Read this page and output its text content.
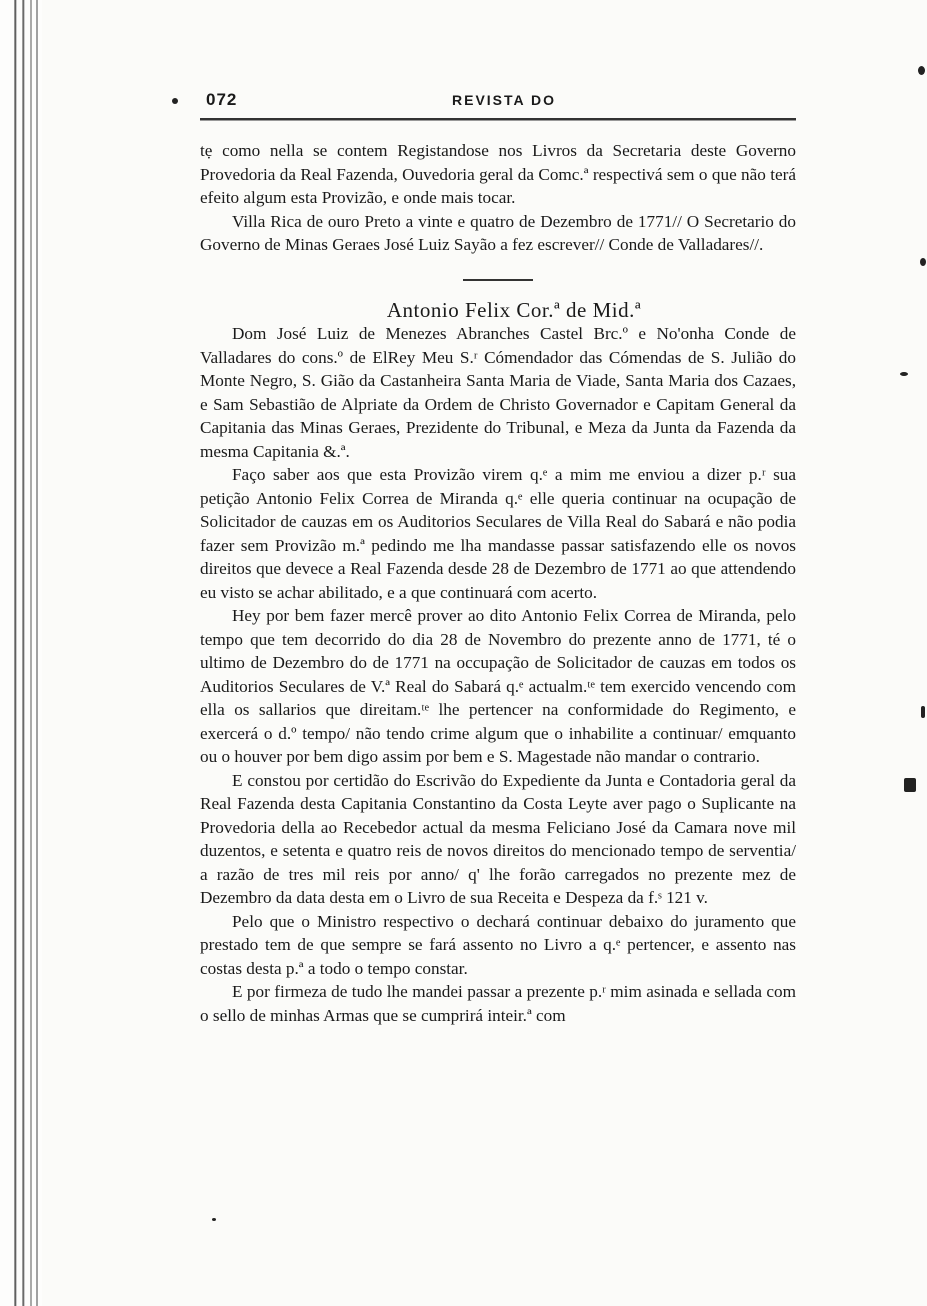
072	REVISTA DO

tẹ como nella se contem Registandose nos Livros da Secretaria deste Governo Provedoria da Real Fazenda, Ouvedoria geral da Comc.ª respectivá sem o que não terá efeito algum esta Provizão, e onde mais tocar.

Villa Rica de ouro Preto a vinte e quatro de Dezembro de 1771// O Secretario do Governo de Minas Geraes José Luiz Sayão a fez escrever// Conde de Valladares//.

Antonio Felix Cor.ª de Mid.ª

Dom José Luiz de Menezes Abranches Castel Brc.º e No'onha Conde de Valladares do cons.º de ElRey Meu S.ʳ Cómendador das Cómendas de S. Julião do Monte Negro, S. Gião da Castanheira Santa Maria de Viade, Santa Maria dos Cazaes, e Sam Sebastião de Alpriate da Ordem de Christo Governador e Capitam General da Capitania das Minas Geraes, Prezidente do Tribunal, e Meza da Junta da Fazenda da mesma Capitania &.ª.

Faço saber aos que esta Provizão virem q.ᵉ a mim me enviou a dizer p.ʳ sua petição Antonio Felix Correa de Miranda q.ᵉ elle queria continuar na ocupação de Solicitador de cauzas em os Auditorios Seculares de Villa Real do Sabará e não podia fazer sem Provizão m.ª pedindo me lha mandasse passar satisfazendo elle os novos direitos que devece a Real Fazenda desde 28 de Dezembro de 1771 ao que attendendo eu visto se achar abilitado, e a que continuará com acerto.

Hey por bem fazer mercê prover ao dito Antonio Felix Correa de Miranda, pelo tempo que tem decorrido do dia 28 de Novembro do prezente anno de 1771, té o ultimo de Dezembro do de 1771 na occupação de Solicitador de cauzas em todos os Auditorios Seculares de V.ª Real do Sabará q.ᵉ actualm.ᵗᵉ tem exercido vencendo com ella os sallarios que direitam.ᵗᵉ lhe pertencer na conformidade do Regimento, e exercerá o d.º tempo/ não tendo crime algum que o inhabilite a continuar/ emquanto ou o houver por bem digo assim por bem e S. Magestade não mandar o contrario.

E constou por certidão do Escrivão do Expediente da Junta e Contadoria geral da Real Fazenda desta Capitania Constantino da Costa Leyte aver pago o Suplicante na Provedoria della ao Recebedor actual da mesma Feliciano José da Camara nove mil duzentos, e setenta e quatro reis de novos direitos do mencionado tempo de serventia/ a razão de tres mil reis por anno/ q' lhe forão carregados no prezente mez de Dezembro da data desta em o Livro de sua Receita e Despeza da f.ˢ 121 v.

Pelo que o Ministro respectivo o dechará continuar debaixo do juramento que prestado tem de que sempre se fará assento no Livro a q.ᵉ pertencer, e assento nas costas desta p.ª a todo o tempo constar.

E por firmeza de tudo lhe mandei passar a prezente p.ʳ mim asinada e sellada com o sello de minhas Armas que se cumprirá inteir.ª com
